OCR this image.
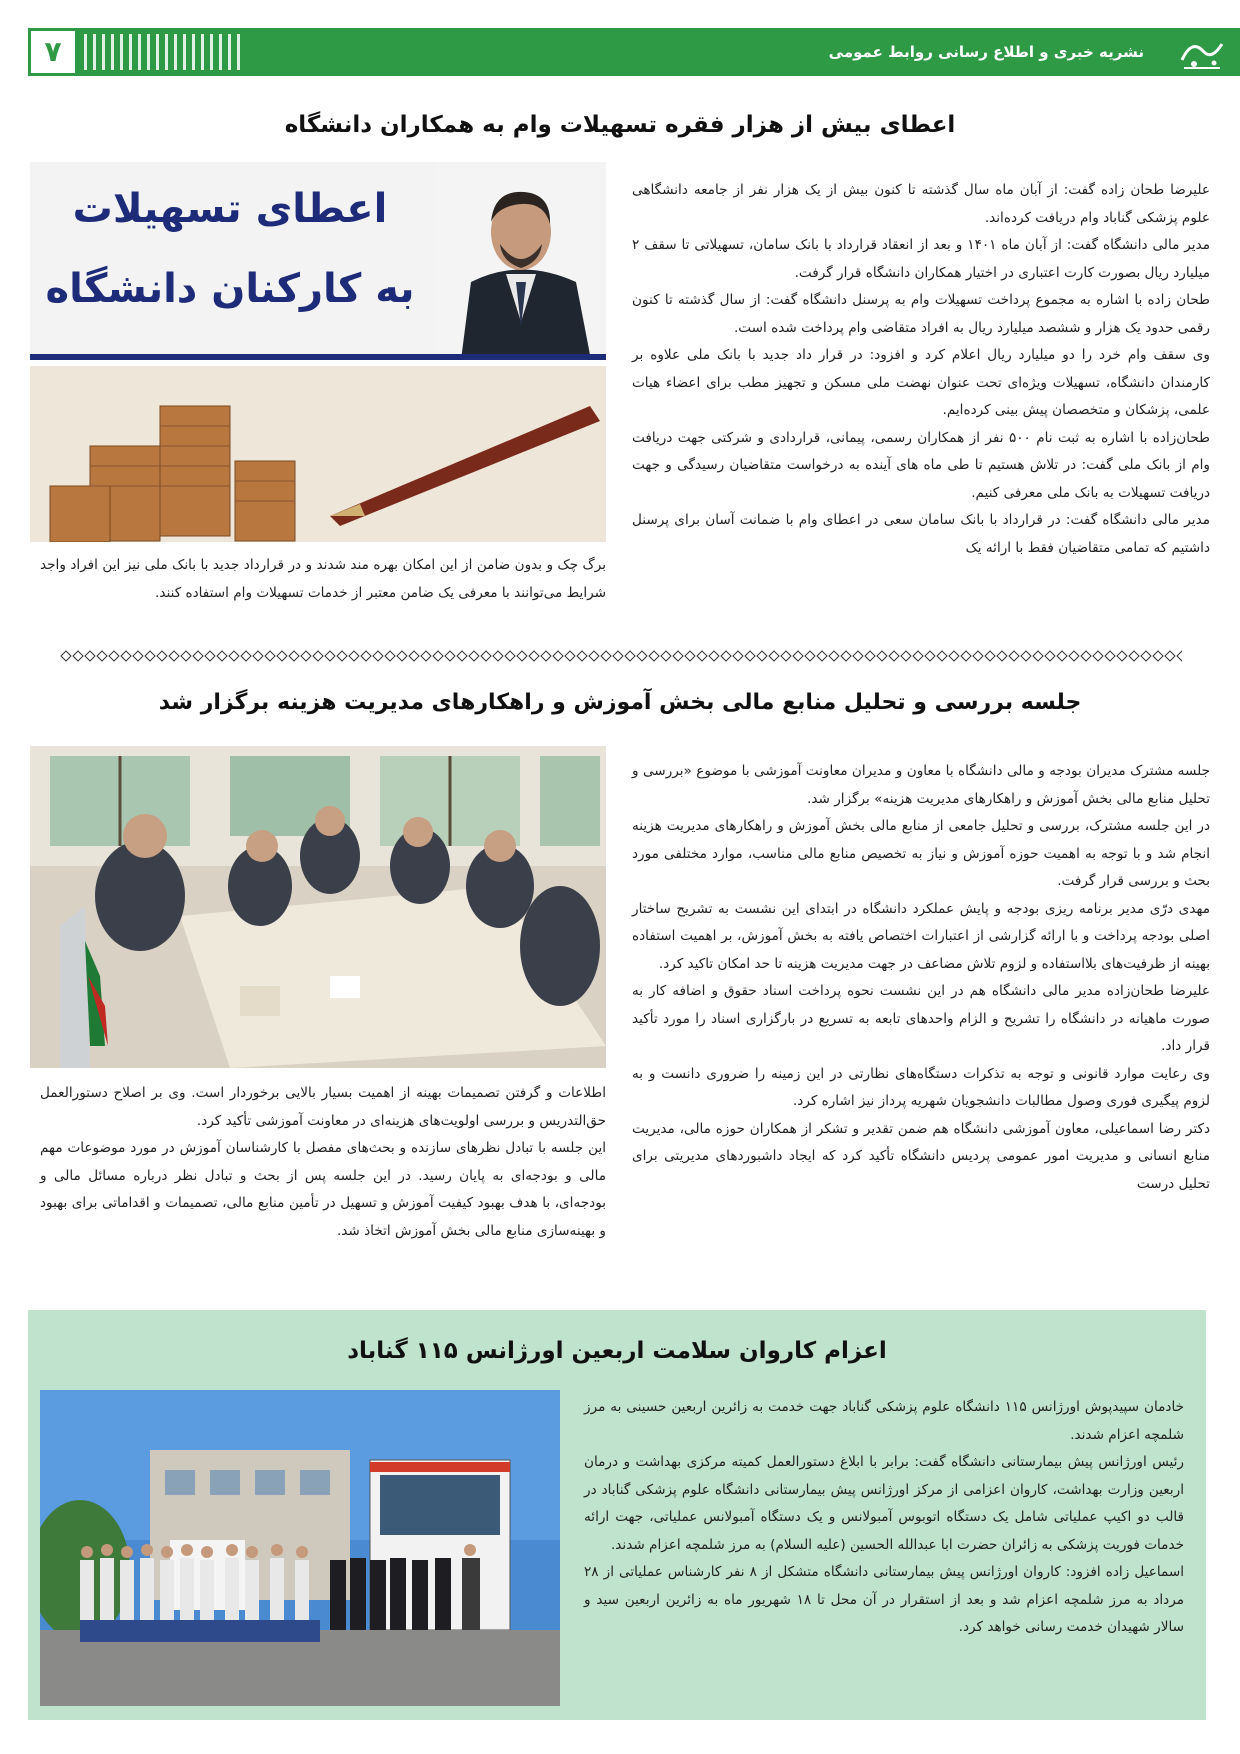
۷	نشریه خبری و اطلاع رسانی روابط عمومی
اعطای بیش از هزار فقره تسهیلات وام به همکاران دانشگاه
اعطای تسهیلات
به کارکنان دانشگاه

علیرضا طحان زاده گفت: از آبان ماه سال گذشته تا کنون بیش از یک هزار نفر از جامعه دانشگاهی علوم پزشکی گناباد وام دریافت کرده‌اند.

مدیر مالی دانشگاه گفت: از آبان ماه ۱۴۰۱ و بعد از انعقاد قرارداد با بانک سامان، تسهیلاتی تا سقف ۲ میلیارد ریال بصورت کارت اعتباری در اختیار همکاران دانشگاه قرار گرفت.

طحان زاده با اشاره به مجموع پرداخت تسهیلات وام به پرسنل دانشگاه گفت: از سال گذشته تا کنون رقمی حدود یک هزار و ششصد میلیارد ریال به افراد متقاضی وام پرداخت شده است.

وی سقف وام خرد را دو میلیارد ریال اعلام کرد و افزود: در قرار داد جدید با بانک ملی علاوه بر کارمندان دانشگاه، تسهیلات ویژه‌ای تحت عنوان نهضت ملی مسکن و تجهیز مطب برای اعضاء هیات علمی، پزشکان و متخصصان پیش بینی کرده‌ایم.

طحان‌زاده با اشاره به ثبت نام ۵۰۰ نفر از همکاران رسمی، پیمانی، قراردادی و شرکتی جهت دریافت وام از بانک ملی گفت: در تلاش هستیم تا طی ماه های آینده به درخواست متقاضیان رسیدگی و جهت دریافت تسهیلات به بانک ملی معرفی کنیم.

مدیر مالی دانشگاه گفت: در قرارداد با بانک سامان سعی در اعطای وام با ضمانت آسان برای پرسنل داشتیم که تمامی متقاضیان فقط با ارائه یک

برگ چک و بدون ضامن از این امکان بهره مند شدند و در قرارداد جدید با بانک ملی نیز این افراد واجد شرایط می‌توانند با معرفی یک ضامن معتبر از خدمات تسهیلات وام استفاده کنند.

جلسه بررسی و تحلیل منابع مالی بخش آموزش و راهکارهای مدیریت هزینه برگزار شد

جلسه مشترک مدیران بودجه و مالی دانشگاه با معاون و مدیران معاونت آموزشی با موضوع «بررسی و تحلیل منابع مالی بخش آموزش و راهکارهای مدیریت هزینه» برگزار شد.

در این جلسه مشترک، بررسی و تحلیل جامعی از منابع مالی بخش آموزش و راهکارهای مدیریت هزینه انجام شد و با توجه به اهمیت حوزه آموزش و نیاز به تخصیص منابع مالی مناسب، موارد مختلفی مورد بحث و بررسی قرار گرفت.

مهدی درّی مدیر برنامه ریزی بودجه و پایش عملکرد دانشگاه در ابتدای این نشست به تشریح ساختار اصلی بودجه پرداخت و با ارائه گزارشی از اعتبارات اختصاص یافته به بخش آموزش، بر اهمیت استفاده بهینه از ظرفیت‌های بلااستفاده و لزوم تلاش مضاعف در جهت مدیریت هزینه تا حد امکان تاکید کرد.

علیرضا طحان‌زاده مدیر مالی دانشگاه هم در این نشست نحوه پرداخت اسناد حقوق و اضافه کار به صورت ماهیانه در دانشگاه را تشریح و الزام واحدهای تابعه به تسریع در بارگزاری اسناد را مورد تأکید قرار داد.

وی رعایت موارد قانونی و توجه به تذکرات دستگاه‌های نظارتی در این زمینه را ضروری دانست و به لزوم پیگیری فوری وصول مطالبات دانشجویان شهریه پرداز نیز اشاره کرد.

دکتر رضا اسماعیلی، معاون آموزشی دانشگاه هم ضمن تقدیر و تشکر از همکاران حوزه مالی، مدیریت منابع انسانی و مدیریت امور عمومی پردیس دانشگاه تأکید کرد که ایجاد داشبوردهای مدیریتی برای تحلیل درست

اطلاعات و گرفتن تصمیمات بهینه از اهمیت بسیار بالایی برخوردار است. وی بر اصلاح دستورالعمل حق‌التدریس و بررسی اولویت‌های هزینه‌ای در معاونت آموزشی تأکید کرد.

این جلسه با تبادل نظرهای سازنده و بحث‌های مفصل با کارشناسان آموزش در مورد موضوعات مهم مالی و بودجه‌ای به پایان رسید. در این جلسه پس از بحث و تبادل نظر درباره مسائل مالی و بودجه‌ای، با هدف بهبود کیفیت آموزش و تسهیل در تأمین منابع مالی، تصمیمات و اقداماتی برای بهبود و بهینه‌سازی منابع مالی بخش آموزش اتخاذ شد.

اعزام کاروان سلامت اربعین اورژانس ۱۱۵ گناباد

خادمان سپیدپوش اورژانس ۱۱۵ دانشگاه علوم پزشکی گناباد جهت خدمت به زائرین اربعین حسینی به مرز شلمچه اعزام شدند.

رئیس اورژانس پیش بیمارستانی دانشگاه گفت: برابر با ابلاغ دستورالعمل کمیته مرکزی بهداشت و درمان اربعین وزارت بهداشت، کاروان اعزامی از مرکز اورژانس پیش بیمارستانی دانشگاه علوم پزشکی گناباد در قالب دو اکیپ عملیاتی شامل یک دستگاه اتوبوس آمبولانس و یک دستگاه آمبولانس عملیاتی، جهت ارائه خدمات فوریت پزشکی به زائران حضرت ابا عبدالله الحسین (علیه السلام) به مرز شلمچه اعزام شدند.

اسماعیل زاده افزود: کاروان اورژانس پیش بیمارستانی دانشگاه متشکل از ۸ نفر کارشناس عملیاتی از ۲۸ مرداد به مرز شلمچه اعزام شد و بعد از استقرار در آن محل تا ۱۸ شهریور ماه به زائرین اربعین سید و سالار شهیدان خدمت رسانی خواهد کرد.
